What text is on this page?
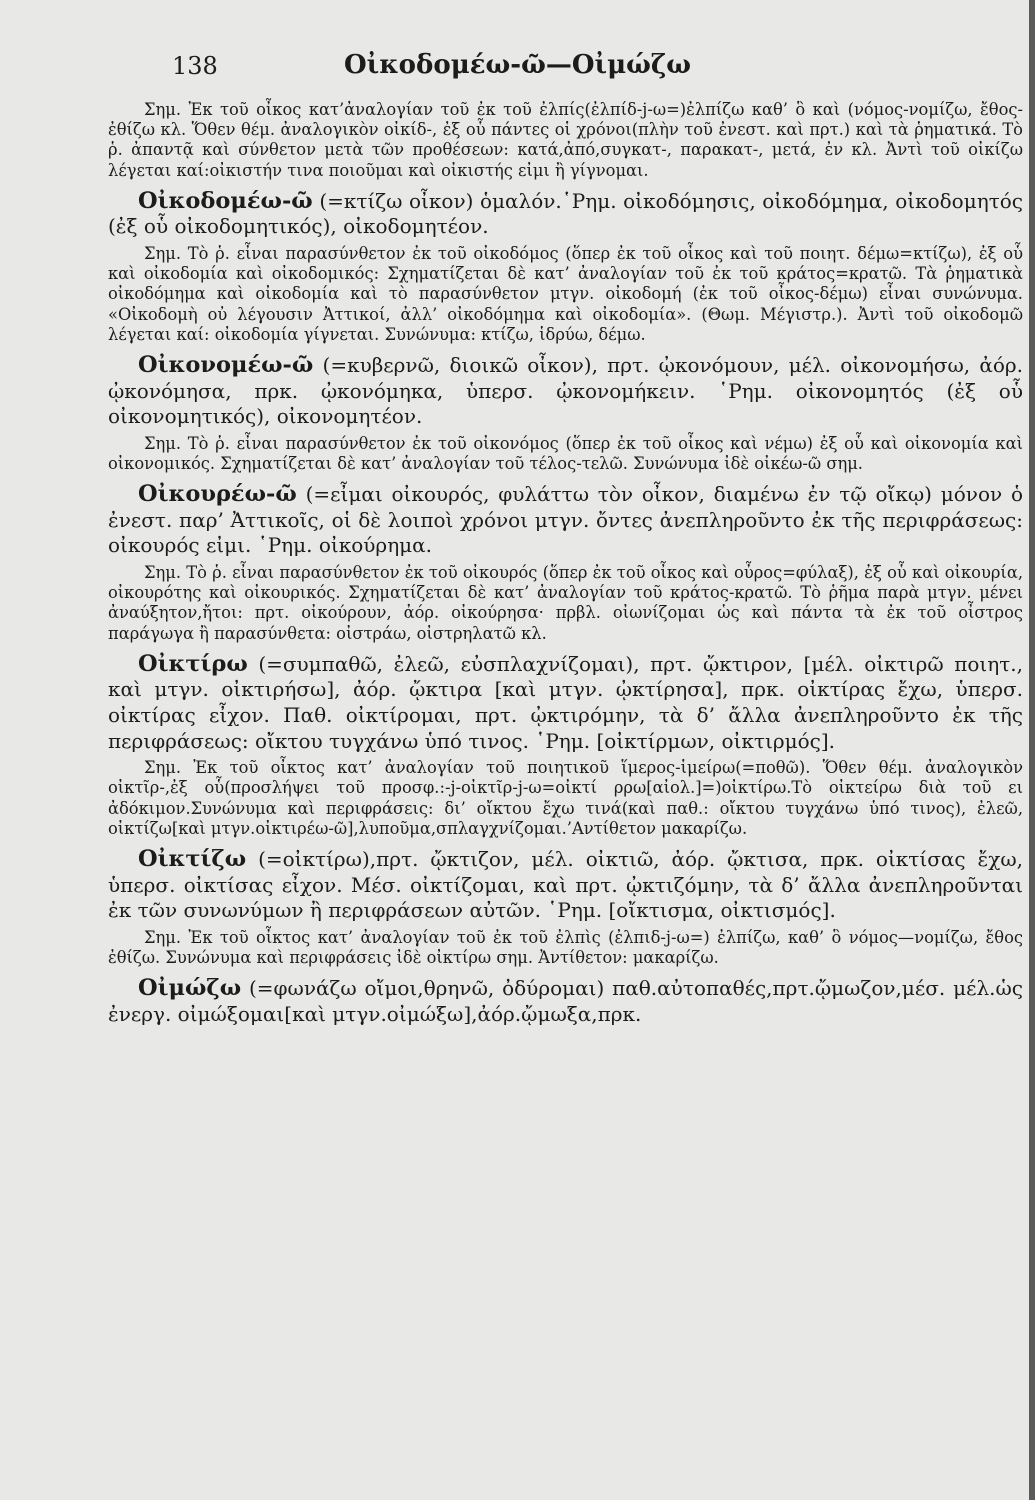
138	Οἰκοδομέω-ῶ—Οἰμώζω

Σημ. Ἐκ τοῦ οἶκος κατ’ἀναλογίαν τοῦ ἐκ τοῦ ἐλπίς(ἐλπίδ-j-ω=)ἐλπίζω καθ’ ὃ καὶ (νόμος-νομίζω, ἔθος-ἐθίζω κλ. Ὅθεν θέμ. ἀναλογικὸν οἰκίδ-, ἐξ οὗ πάντες οἱ χρόνοι(πλὴν τοῦ ἐνεστ. καὶ πρτ.) καὶ τὰ ῥηματικά. Τὸ ῥ. ἀπαντᾷ καὶ σύνθετον μετὰ τῶν προθέσεων: κατά,ἀπό,συγκατ-, παρακατ-, μετά, ἐν κλ. Ἀντὶ τοῦ οἰκίζω λέγεται καί:οἰκιστήν τινα ποιοῦμαι καὶ οἰκιστής εἰμι ἢ γίγνομαι.

Οἰκοδομέω-ῶ (=κτίζω οἶκον) ὁμαλόν.῾Ρημ. οἰκοδόμησις, οἰκοδόμημα, οἰκοδομητός (ἐξ οὗ οἰκοδομητικός), οἰκοδομητέον.

Σημ. Τὸ ῥ. εἶναι παρασύνθετον ἐκ τοῦ οἰκοδόμος (ὅπερ ἐκ τοῦ οἶκος καὶ τοῦ ποιητ. δέμω=κτίζω), ἐξ οὗ καὶ οἰκοδομία καὶ οἰκοδομικός: Σχηματίζεται δὲ κατ’ ἀναλογίαν τοῦ ἐκ τοῦ κράτος=κρατῶ. Τὰ ῥηματικὰ οἰκοδόμημα καὶ οἰκοδομία καὶ τὸ παρασύνθετον μτγν. οἰκοδομή (ἐκ τοῦ οἶκος-δέμω) εἶναι συνώνυμα. «Οἰκοδομὴ οὐ λέγουσιν Ἀττικοί, ἀλλ’ οἰκοδόμημα καὶ οἰκοδομία». (Θωμ. Μέγιστρ.). Ἀντὶ τοῦ οἰκοδομῶ λέγεται καί: οἰκοδομία γίγνεται. Συνώνυμα: κτίζω, ἱδρύω, δέμω.

Οἰκονομέω-ῶ (=κυβερνῶ, διοικῶ οἶκον), πρτ. ᾠκονόμουν, μέλ. οἰκονομήσω, ἀόρ. ᾠκονόμησα, πρκ. ᾠκονόμηκα, ὑπερσ. ᾠκονομήκειν. ῾Ρημ. οἰκονομητός (ἐξ οὗ οἰκονομητικός), οἰκονομητέον.

Σημ. Τὸ ῥ. εἶναι παρασύνθετον ἐκ τοῦ οἰκονόμος (ὅπερ ἐκ τοῦ οἶκος καὶ νέμω) ἐξ οὗ καὶ οἰκονομία καὶ οἰκονομικός. Σχηματίζεται δὲ κατ’ ἀναλογίαν τοῦ τέλος-τελῶ. Συνώνυμα ἰδὲ οἰκέω-ῶ σημ.

Οἰκουρέω-ῶ (=εἶμαι οἰκουρός, φυλάττω τὸν οἶκον, διαμένω ἐν τῷ οἴκῳ) μόνον ὁ ἐνεστ. παρ’ Ἀττικοῖς, οἱ δὲ λοιποὶ χρόνοι μτγν. ὄντες ἀνεπληροῦντο ἐκ τῆς περιφράσεως: οἰκουρός εἰμι. ῾Ρημ. οἰκούρημα.

Σημ. Τὸ ῥ. εἶναι παρασύνθετον ἐκ τοῦ οἰκουρός (ὅπερ ἐκ τοῦ οἶκος καὶ οὖρος=φύλαξ), ἐξ οὗ καὶ οἰκουρία, οἰκουρότης καὶ οἰκουρικός. Σχηματίζεται δὲ κατ’ ἀναλογίαν τοῦ κράτος-κρατῶ. Τὸ ῥῆμα παρὰ μτγν. μένει ἀναύξητον,ἤτοι: πρτ. οἰκούρουν, ἀόρ. οἰκούρησα· πρβλ. οἰωνίζομαι ὡς καὶ πάντα τὰ ἐκ τοῦ οἶστρος παράγωγα ἢ παρασύνθετα: οἰστράω, οἰστρηλατῶ κλ.

Οἰκτίρω (=συμπαθῶ, ἐλεῶ, εὐσπλαχνίζομαι), πρτ. ᾤκτιρον, [μέλ. οἰκτιρῶ ποιητ., καὶ μτγν. οἰκτιρήσω], ἀόρ. ᾤκτιρα [καὶ μτγν. ᾠκτίρησα], πρκ. οἰκτίρας ἔχω, ὑπερσ. οἰκτίρας εἶχον. Παθ. οἰκτίρομαι, πρτ. ᾠκτιρόμην, τὰ δ’ ἄλλα ἀνεπληροῦντο ἐκ τῆς περιφράσεως: οἴκτου τυγχάνω ὑπό τινος. ῾Ρημ. [οἰκτίρμων, οἰκτιρμός].

Σημ. Ἐκ τοῦ οἶκτος κατ’ ἀναλογίαν τοῦ ποιητικοῦ ἵμερος-ἱμείρω(=ποθῶ). Ὅθεν θέμ. ἀναλογικὸν οἰκτῖρ-,ἐξ οὗ(προσλήψει τοῦ προσφ.:-j-οἰκτῖρ-j-ω=οἰκτί ρρω[αἰολ.]=)οἰκτίρω.Τὸ οἰκτείρω διὰ τοῦ ει ἀδόκιμον.Συνώνυμα καὶ περιφράσεις: δι’ οἴκτου ἔχω τινά(καὶ παθ.: οἴκτου τυγχάνω ὑπό τινος), ἐλεῶ, οἰκτίζω[καὶ μτγν.οἰκτιρέω-ῶ],λυποῦμα,σπλαγχνίζομαι.’Αντίθετον μακαρίζω.

Οἰκτίζω (=οἰκτίρω),πρτ. ᾤκτιζον, μέλ. οἰκτιῶ, ἀόρ. ᾤκτισα, πρκ. οἰκτίσας ἔχω, ὑπερσ. οἰκτίσας εἶχον. Μέσ. οἰκτίζομαι, καὶ πρτ. ᾠκτιζόμην, τὰ δ’ ἄλλα ἀνεπληροῦνται ἐκ τῶν συνωνύμων ἢ περιφράσεων αὐτῶν. ῾Ρημ. [οἴκτισμα, οἰκτισμός].

Σημ. Ἐκ τοῦ οἶκτος κατ’ ἀναλογίαν τοῦ ἐκ τοῦ ἐλπὶς (ἐλπιδ-j-ω=) ἐλπίζω, καθ’ ὃ νόμος—νομίζω, ἔθος ἐθίζω. Συνώνυμα καὶ περιφράσεις ἰδὲ οἰκτίρω σημ. Ἀντίθετον: μακαρίζω.

Οἰμώζω (=φωνάζω οἴμοι,θρηνῶ, ὀδύρομαι) παθ.αὐτοπαθές,πρτ.ᾤμωζον,μέσ. μέλ.ὡς ἐνεργ. οἰμώξομαι[καὶ μτγν.οἰμώξω],ἀόρ.ᾤμωξα,πρκ.
